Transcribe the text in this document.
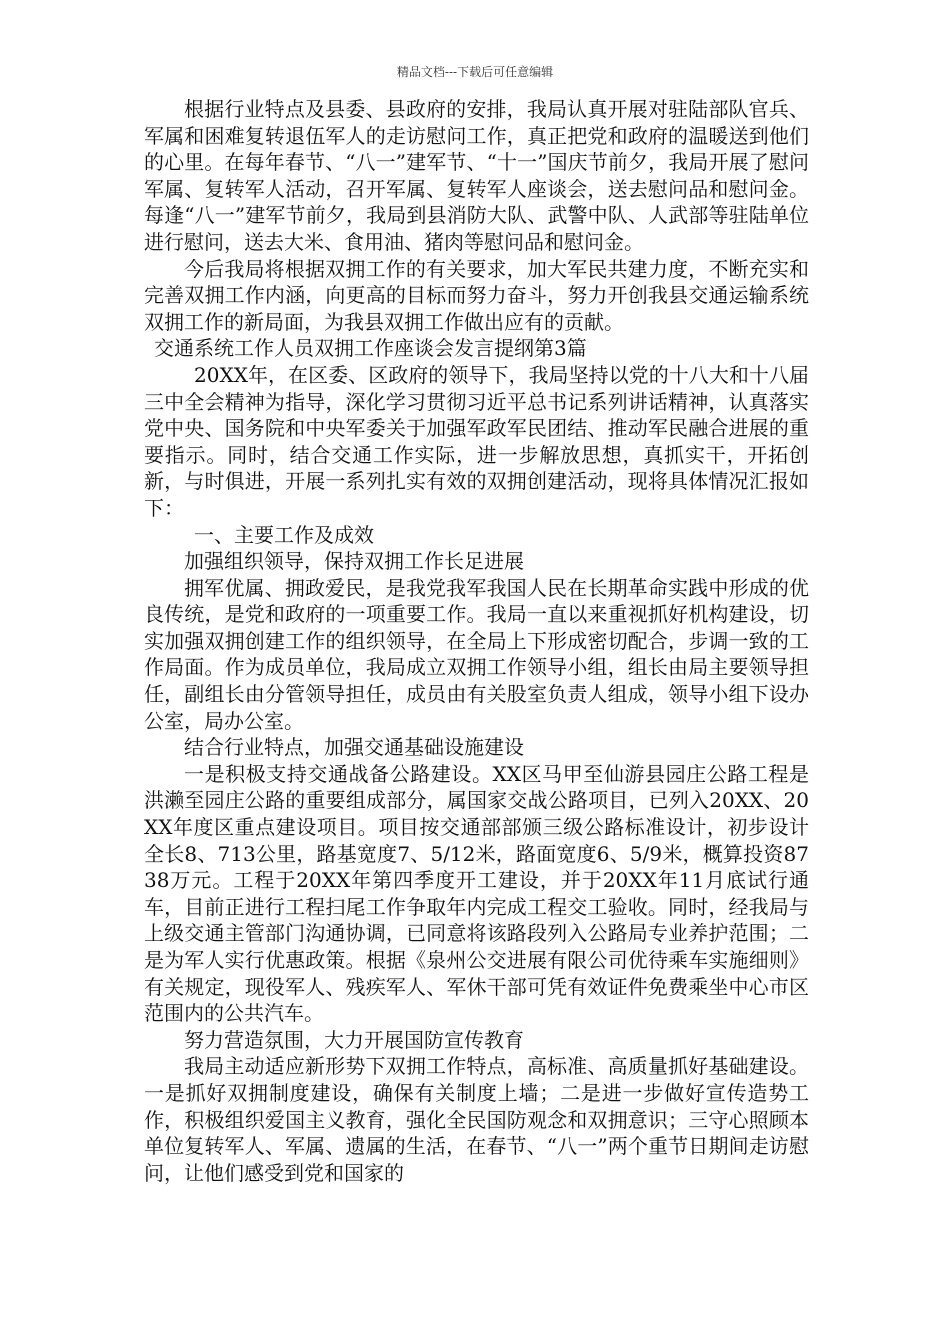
精品文档---下载后可任意编辑

根据行业特点及县委、县政府的安排，我局认真开展对驻陆部队官兵、军属和困难复转退伍军人的走访慰问工作，真正把党和政府的温暖送到他们的心里。在每年春节、“八一”建军节、“十一”国庆节前夕，我局开展了慰问军属、复转军人活动，召开军属、复转军人座谈会，送去慰问品和慰问金。每逢“八一”建军节前夕，我局到县消防大队、武警中队、人武部等驻陆单位进行慰问，送去大米、食用油、猪肉等慰问品和慰问金。

今后我局将根据双拥工作的有关要求，加大军民共建力度，不断充实和完善双拥工作内涵，向更高的目标而努力奋斗，努力开创我县交通运输系统双拥工作的新局面，为我县双拥工作做出应有的贡献。

交通系统工作人员双拥工作座谈会发言提纲第3篇

20XX年，在区委、区政府的领导下，我局坚持以党的十八大和十八届三中全会精神为指导，深化学习贯彻习近平总书记系列讲话精神，认真落实党中央、国务院和中央军委关于加强军政军民团结、推动军民融合进展的重要指示。同时，结合交通工作实际，进一步解放思想，真抓实干，开拓创新，与时俱进，开展一系列扎实有效的双拥创建活动，现将具体情况汇报如下：

一、主要工作及成效

加强组织领导，保持双拥工作长足进展

拥军优属、拥政爱民，是我党我军我国人民在长期革命实践中形成的优良传统，是党和政府的一项重要工作。我局一直以来重视抓好机构建设，切实加强双拥创建工作的组织领导，在全局上下形成密切配合，步调一致的工作局面。作为成员单位，我局成立双拥工作领导小组，组长由局主要领导担任，副组长由分管领导担任，成员由有关股室负责人组成，领导小组下设办公室，局办公室。

结合行业特点，加强交通基础设施建设

一是积极支持交通战备公路建设。XX区马甲至仙游县园庄公路工程是洪濑至园庄公路的重要组成部分，属国家交战公路项目，已列入20XX、20XX年度区重点建设项目。项目按交通部部颁三级公路标准设计，初步设计全长8、713公里，路基宽度7、5/12米，路面宽度6、5/9米，概算投资8738万元。工程于20XX年第四季度开工建设，并于20XX年11月底试行通车，目前正进行工程扫尾工作争取年内完成工程交工验收。同时，经我局与上级交通主管部门沟通协调，已同意将该路段列入公路局专业养护范围；二是为军人实行优惠政策。根据《泉州公交进展有限公司优待乘车实施细则》有关规定，现役军人、残疾军人、军休干部可凭有效证件免费乘坐中心市区范围内的公共汽车。

努力营造氛围，大力开展国防宣传教育

我局主动适应新形势下双拥工作特点，高标准、高质量抓好基础建设。一是抓好双拥制度建设，确保有关制度上墙；二是进一步做好宣传造势工作，积极组织爱国主义教育，强化全民国防观念和双拥意识；三守心照顾本单位复转军人、军属、遗属的生活，在春节、“八一”两个重节日期间走访慰问，让他们感受到党和国家的
